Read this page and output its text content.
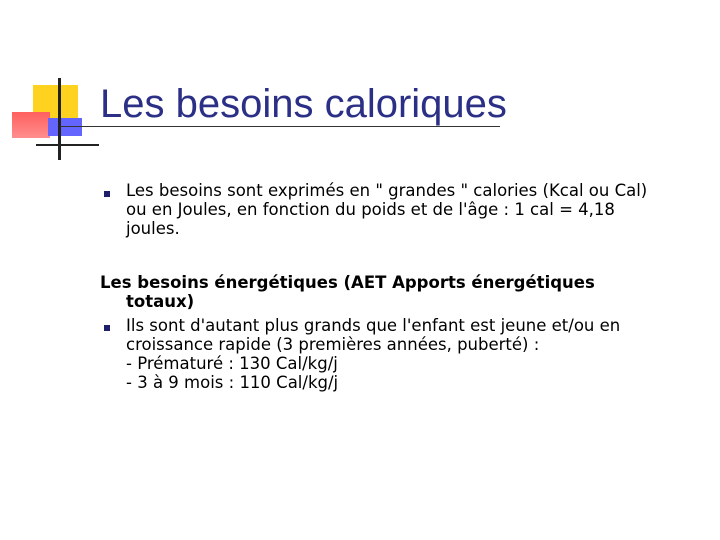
Les besoins caloriques
Les besoins sont exprimés en " grandes " calories (Kcal ou Cal)
ou en Joules, en fonction du poids et de l'âge : 1 cal = 4,18
joules.
Les besoins énergétiques (AET Apports énergétiques
totaux)
Ils sont d'autant plus grands que l'enfant est jeune et/ou en
croissance rapide (3 premières années, puberté) :
- Prématuré : 130 Cal/kg/j
- 3 à 9 mois : 110 Cal/kg/j
